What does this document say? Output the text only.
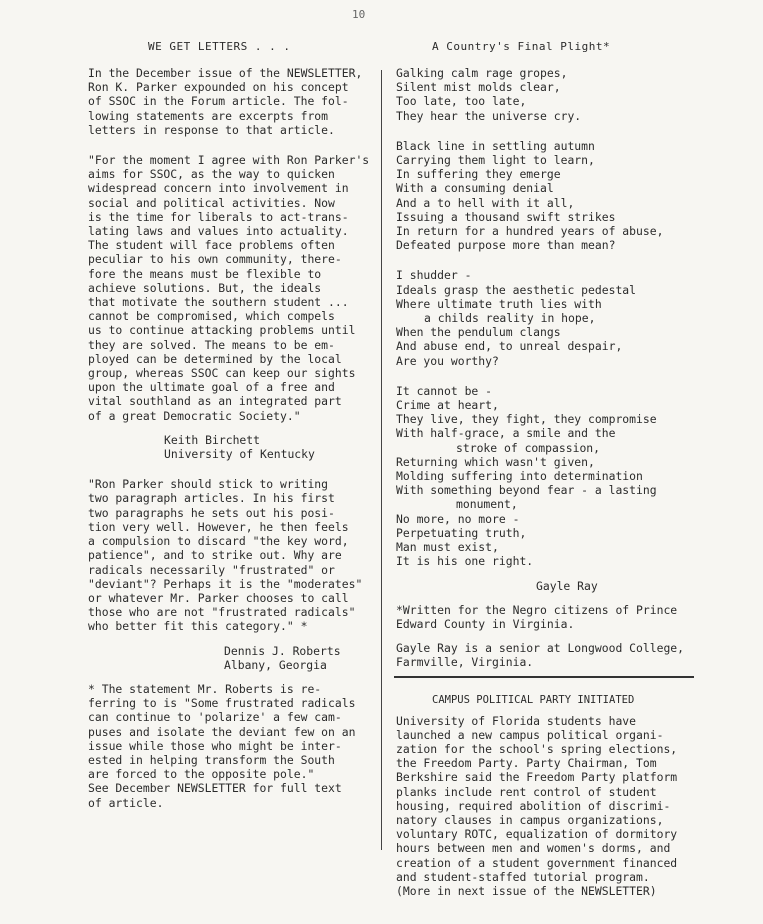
10
WE GET LETTERS . . .

In the December issue of the NEWSLETTER,
Ron K. Parker expounded on his concept
of SSOC in the Forum article. The fol-
lowing statements are excerpts from
letters in response to that article.

"For the moment I agree with Ron Parker's
aims for SSOC, as the way to quicken
widespread concern into involvement in
social and political activities. Now
is the time for liberals to act-trans-
lating laws and values into actuality.
The student will face problems often
peculiar to his own community, there-
fore the means must be flexible to
achieve solutions. But, the ideals
that motivate the southern student ...
cannot be compromised, which compels
us to continue attacking problems until
they are solved. The means to be em-
ployed can be determined by the local
group, whereas SSOC can keep our sights
upon the ultimate goal of a free and
vital southland as an integrated part
of a great Democratic Society."

Keith Birchett
University of Kentucky

"Ron Parker should stick to writing
two paragraph articles. In his first
two paragraphs he sets out his posi-
tion very well. However, he then feels
a compulsion to discard "the key word,
patience", and to strike out. Why are
radicals necessarily "frustrated" or
"deviant"? Perhaps it is the "moderates"
or whatever Mr. Parker chooses to call
those who are not "frustrated radicals"
who better fit this category." *

Dennis J. Roberts
Albany, Georgia

* The statement Mr. Roberts is re-
ferring to is "Some frustrated radicals
can continue to 'polarize' a few cam-
puses and isolate the deviant few on an
issue while those who might be inter-
ested in helping transform the South
are forced to the opposite pole."
See December NEWSLETTER for full text
of article.

A Country's Final Plight*

Galking calm rage gropes,
Silent mist molds clear,
Too late, too late,
They hear the universe cry.

Black line in settling autumn
Carrying them light to learn,
In suffering they emerge
With a consuming denial
And a to hell with it all,
Issuing a thousand swift strikes
In return for a hundred years of abuse,
Defeated purpose more than mean?

I shudder -
Ideals grasp the aesthetic pedestal
Where ultimate truth lies with

a childs reality in hope,

When the pendulum clangs
And abuse end, to unreal despair,
Are you worthy?

It cannot be -
Crime at heart,
They live, they fight, they compromise
With half-grace, a smile and the

stroke of compassion,

Returning which wasn't given,
Molding suffering into determination
With something beyond fear - a lasting

monument,

No more, no more -
Perpetuating truth,
Man must exist,
It is his one right.

Gayle Ray

*Written for the Negro citizens of Prince
Edward County in Virginia.

Gayle Ray is a senior at Longwood College,
Farmville, Virginia.

CAMPUS POLITICAL PARTY INITIATED

University of Florida students have
launched a new campus political organi-
zation for the school's spring elections,
the Freedom Party. Party Chairman, Tom
Berkshire said the Freedom Party platform
planks include rent control of student
housing, required abolition of discrimi-
natory clauses in campus organizations,
voluntary ROTC, equalization of dormitory
hours between men and women's dorms, and
creation of a student government financed
and student-staffed tutorial program.
(More in next issue of the NEWSLETTER)
